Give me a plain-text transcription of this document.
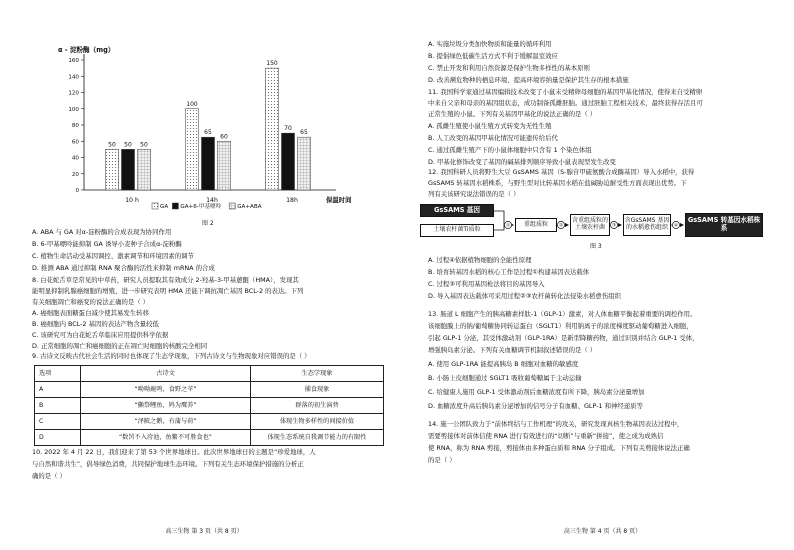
α - 淀粉酶（mg）
0
20
40
60
80
100
120
140
160
50 50 50
10 h
100
65
60
14h
150
70
65
18h	保温时间
GA GA+6-甲基嘌呤	GA+ABA
图 2
A. ABA 与 GA 对α-淀粉酶的合成表现为协同作用
B. 6-甲基嘌呤能抑制 GA 诱导小麦种子合成α-淀粉酶
C. 植物生命活动受基因调控、激素调节和环境因素的调节
D. 推测 ABA 通过抑制 RNA 聚合酶的活性来抑制 mRNA 的合成
8. 白花蛇舌草是常见的中草药，研究人员提取其有效成分 2-羟基-3-甲基蒽醌（HMA），发现其
能明显抑制乳腺癌细胞的增殖，进一步研究表明 HMA 还能下调抗凋亡基因 BCL-2 的表达。下列
有关细胞凋亡和癌变的说法正确的是（ ）
A. 癌细胞表面糖蛋白减少使其易发生转移
B. 癌细胞内 BCL-2 基因的表达产物含量较低
C. 该研究可为白花蛇舌草临床应用提供科学依据
D. 正常细胞的凋亡和癌细胞的正在凋亡时细胞的核酸完全相同
9. 古诗文反映古代社会生活的同时也体现了生态学现象，下列古诗文与生物现象对应错误的是（ ）
选项	古诗文	生态学现象
A	“呦呦鹿鸣，食野之苹”	捕食现象
B	“獭祭鲤鱼，鸠为鹰养”	群落的初生演替
C	“泽陂之鹅，有蒲与荷”	体现生物多样性的间接价值
D	“数罟不入洿池，鱼鳖不可胜食也”	体现生态系统自我调节能力的有限性
10. 2022 年 4 月 22 日，我们迎来了第 53 个世界地球日。此次世界地球日的主题是“珍爱地球，人
与自然和谐共生”，倡导绿色消费，共同保护地球生态环境。下列有关生态环境保护措施的分析正
确的是（ ）
高三生物 第 3 页（共 8 页）
A. 实施垃圾分类加快物质和能量的循环利用
B. 提倡绿色低碳生活方式不利于缓解温室效应
C. 禁止开发和利用自然资源是保护生物多样性的基本原则
D. 改善濒危物种的栖息环境、提高环境容纳量是保护其生存的根本措施
11. 我国科学家通过基因编辑技术改变了小鼠未受精卵母细胞的基因甲基化情况，使得来自受精卵
中来自父亲和母亲的基因组状态，成功制备孤雌胚胎。通过胚胎工程相关技术，最终获得存活且可
正常生殖的小鼠。下列有关基因甲基化的说法正确的是（ ）
A. 孤雌生殖使小鼠生殖方式转变为无性生殖
B. 人工改变的基因甲基化情况可能遗传给后代
C. 通过孤雌生殖产下的小鼠体细胞中只含有 1 个染色体组
D. 甲基化修饰改变了基因的碱基排列顺序导致小鼠表现型发生改变
12. 我国科研人员将野生大豆 GsSAMS 基因（S-腺苷甲硫氨酸合成酶基因）导入水稻中，获得
GsSAMS 转基因水稻株系，与野生型对比转基因水稻在盐碱胁迫耐受性方面表现出优势。下
列有关该研究说法错误的是（ ）
①	②	③	④
GsSAMS 基因
土壤农杆菌Ti质粒
重组质粒	含重组质粒的土壤农杆菌
含GsSAMS 基因的水稻愈伤组织
GsSAMS 转基因水稻株系
图 3
A. 过程④依据植物细胞的全能性原理
B. 培育转基因水稻的核心工作是过程①构建基因表达载体
C. 过程③可利用基因枪法将目的基因导入
D. 导入基因表达载体可采用过程②③农杆菌转化法侵染水稻愈伤组织
13. 肠道 L 细胞产生的胰高糖素样肽-1（GLP-1）激素，对人体血糖平衡起着重要的调控作用。
该细胞膜上的钠/葡萄糖协同转运蛋白（SGLT1）利用钠离子的浓度梯度驱动葡萄糖进入细胞，
引起 GLP-1 分泌，其受体激动剂（GLP-1RA）是新型降糖药物，通过识别并结合 GLP-1 受体，
增强胰岛素分泌。下列有关血糖调节机制叙述错误的是（ ）
A. 使用 GLP-1RA 能提高胰岛 B 细胞对血糖的敏感度
B. 小肠上皮细胞通过 SGLT1 吸收葡萄糖属于主动运输
C. 给健康人施用 GLP-1 受体激动剂后血糖浓度有所下降，胰岛素分泌量增加
D. 血糖浓度升高后胰岛素分泌增加的信号分子有血糖、GLP-1 和神经递质等
14. 施一公团队致力于“前体终结与工作机理”的攻关，研究发现真核生物基因表达过程中，
需要剪接体对前体信使 RNA 进行有效进行的“切断”与重新“拼接”，使之成为成熟信
使 RNA，称为 RNA 剪接，剪接体由多种蛋白质和 RNA 分子组成。下列有关剪接体说法正确
的是（ ）
高三生物 第 4 页（共 8 页）
